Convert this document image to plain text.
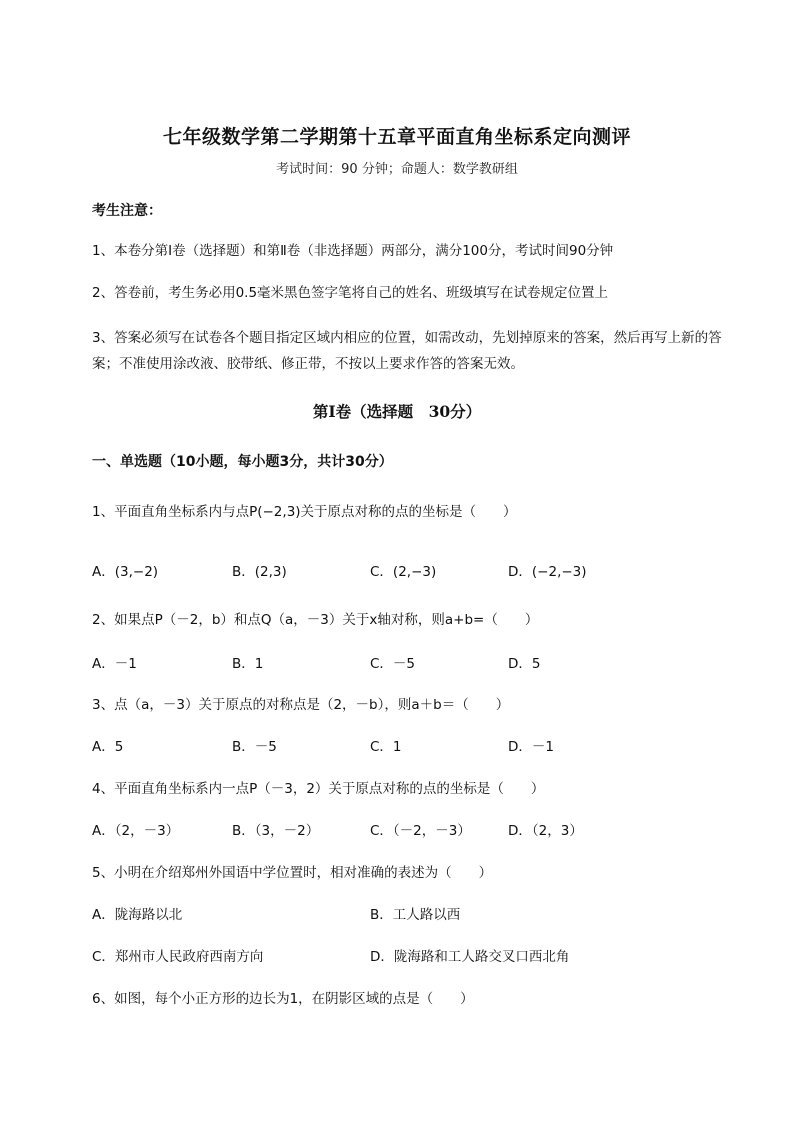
七年级数学第二学期第十五章平面直角坐标系定向测评
考试时间：90 分钟；命题人：数学教研组
考生注意：
1、本卷分第Ⅰ卷（选择题）和第Ⅱ卷（非选择题）两部分，满分100分，考试时间90分钟
2、答卷前，考生务必用0.5毫米黑色签字笔将自己的姓名、班级填写在试卷规定位置上
3、答案必须写在试卷各个题目指定区域内相应的位置，如需改动，先划掉原来的答案，然后再写上新的答案；不准使用涂改液、胶带纸、修正带，不按以上要求作答的答案无效。
第Ⅰ卷（选择题　30分）
一、单选题（10小题，每小题3分，共计30分）
1、平面直角坐标系内与点P(−2,3)关于原点对称的点的坐标是（　　）
A．(3,−2)	B．(2,3)	C．(2,−3)	D．(−2,−3)
2、如果点P（－2，b）和点Q（a，－3）关于x轴对称，则a+b=（　　）
A．－1	B．1	C．－5	D．5
3、点（a，－3）关于原点的对称点是（2，－b），则a＋b＝（　　）
A．5	B．－5	C．1	D．－1
4、平面直角坐标系内一点P（－3，2）关于原点对称的点的坐标是（　　）
A．（2，－3）	B．（3，－2）	C．（－2，－3）	D．（2，3）
5、小明在介绍郑州外国语中学位置时，相对准确的表述为（　　）
A．陇海路以北	B．工人路以西
C．郑州市人民政府西南方向	D．陇海路和工人路交叉口西北角
6、如图，每个小正方形的边长为1，在阴影区域的点是（　　）
